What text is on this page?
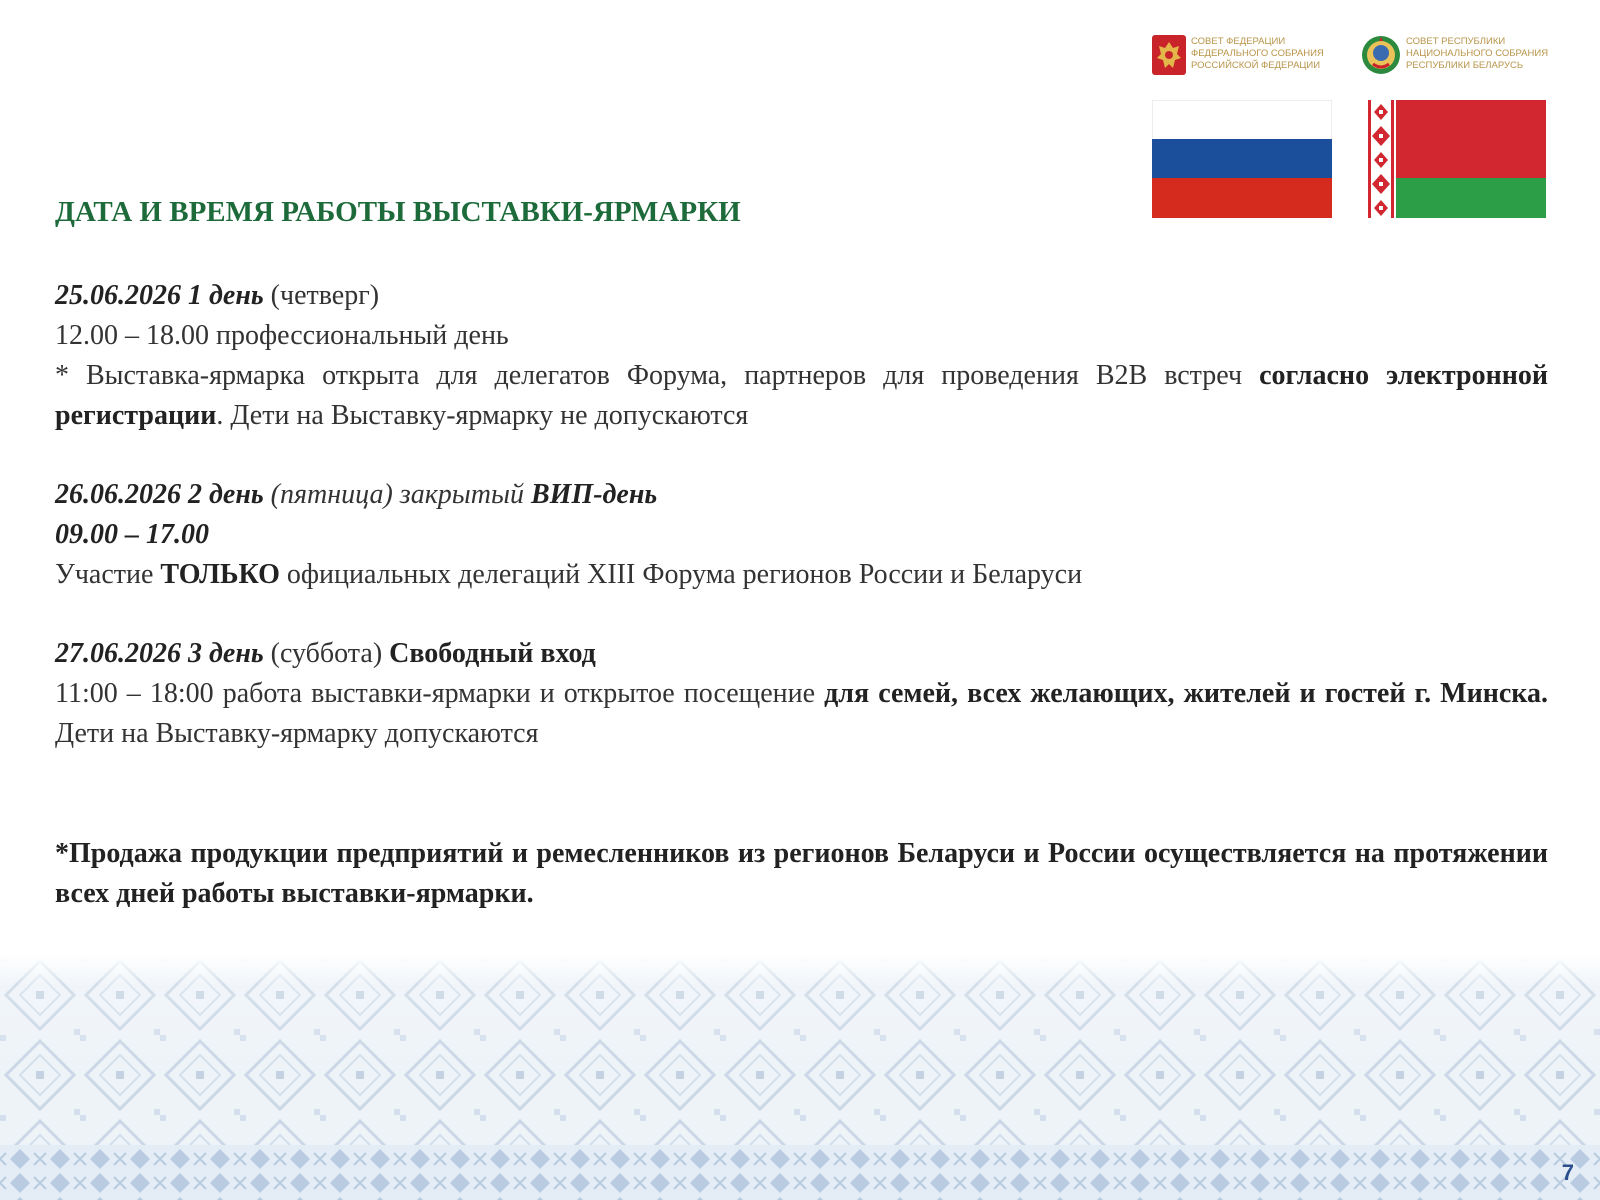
СОВЕТ ФЕДЕРАЦИИ
ФЕДЕРАЛЬНОГО СОБРАНИЯ
РОССИЙСКОЙ ФЕДЕРАЦИИ
СОВЕТ РЕСПУБЛИКИ
НАЦИОНАЛЬНОГО СОБРАНИЯ
РЕСПУБЛИКИ БЕЛАРУСЬ
ДАТА И ВРЕМЯ РАБОТЫ ВЫСТАВКИ-ЯРМАРКИ

25.06.2026 1 день (четверг)

12.00 – 18.00 профессиональный день

* Выставка-ярмарка открыта для делегатов Форума, партнеров для проведения B2B встреч согласно электронной регистрации. Дети на Выставку-ярмарку не допускаются

26.06.2026 2 день (пятница) закрытый ВИП-день

09.00 – 17.00

Участие ТОЛЬКО официальных делегаций XIII Форума регионов России и Беларуси

27.06.2026 3 день (суббота) Свободный вход

11:00 – 18:00 работа выставки-ярмарки и открытое посещение для семей, всех желающих, жителей и гостей г. Минска. Дети на Выставку-ярмарку допускаются

*Продажа продукции предприятий и ремесленников из регионов Беларуси и России осуществляется на протяжении всех дней работы выставки-ярмарки.

7
